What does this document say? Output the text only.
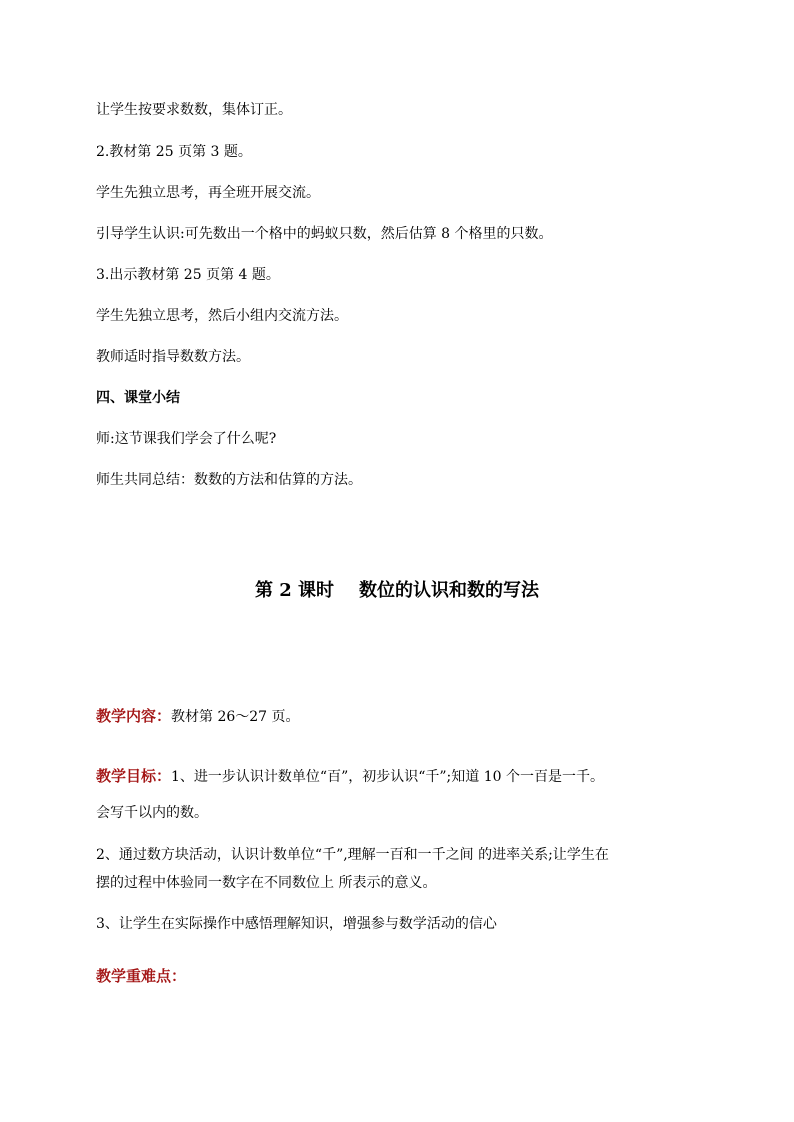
让学生按要求数数，集体订正。
2.教材第 25 页第 3 题。
学生先独立思考，再全班开展交流。
引导学生认识:可先数出一个格中的蚂蚁只数，然后估算 8 个格里的只数。
3.出示教材第 25 页第 4 题。
学生先独立思考，然后小组内交流方法。
教师适时指导数数方法。
四、课堂小结
师:这节课我们学会了什么呢?
师生共同总结：数数的方法和估算的方法。
第 2 课时    数位的认识和数的写法
教学内容：教材第 26～27 页。
教学目标：1、进一步认识计数单位“百”，初步认识“千”;知道 10 个一百是一千。
会写千以内的数。
2、通过数方块活动，认识计数单位“千”,理解一百和一千之间 的进率关系;让学生在
摆的过程中体验同一数字在不同数位上 所表示的意义。
3、让学生在实际操作中感悟理解知识，增强参与数学活动的信心
教学重难点：
